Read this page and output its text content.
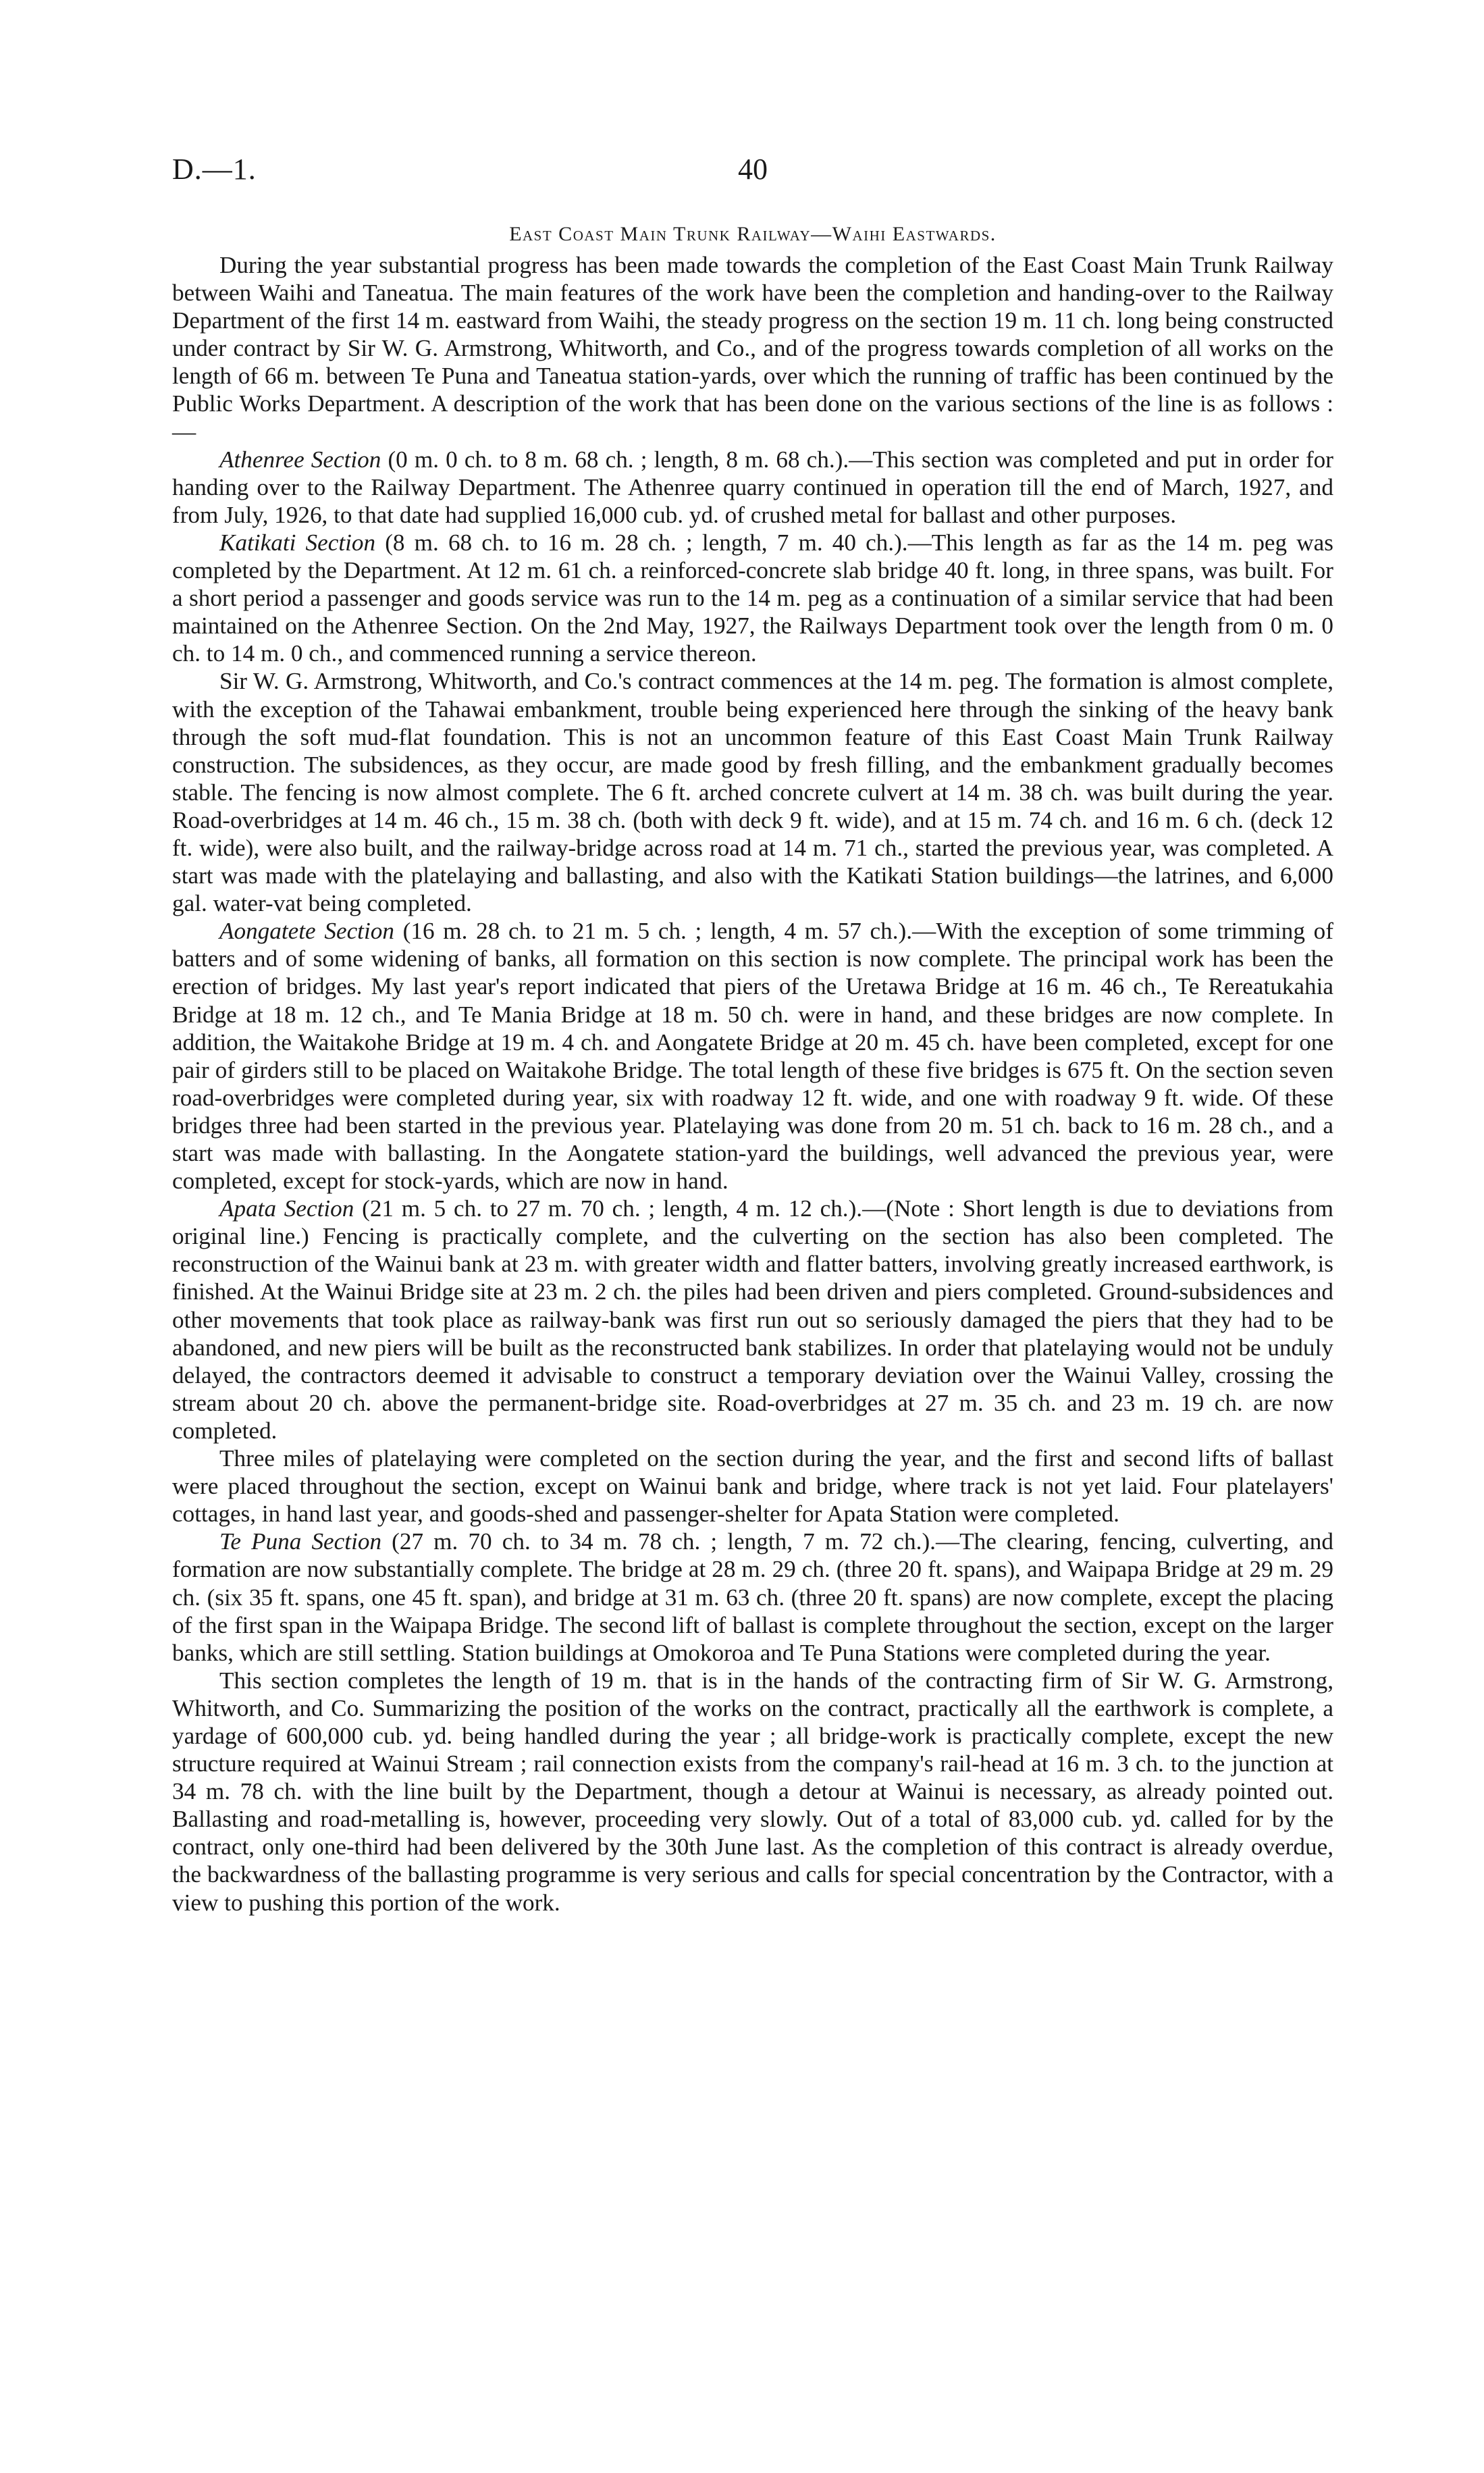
D.—1.	40
East Coast Main Trunk Railway—Waihi Eastwards.

During the year substantial progress has been made towards the completion of the East Coast Main Trunk Railway between Waihi and Taneatua. The main features of the work have been the completion and handing-over to the Railway Department of the first 14 m. eastward from Waihi, the steady progress on the section 19 m. 11 ch. long being constructed under contract by Sir W. G. Armstrong, Whitworth, and Co., and of the progress towards completion of all works on the length of 66 m. between Te Puna and Taneatua station-yards, over which the running of traffic has been continued by the Public Works Department. A description of the work that has been done on the various sections of the line is as follows :—

Athenree Section (0 m. 0 ch. to 8 m. 68 ch. ; length, 8 m. 68 ch.).—This section was completed and put in order for handing over to the Railway Department. The Athenree quarry continued in operation till the end of March, 1927, and from July, 1926, to that date had supplied 16,000 cub. yd. of crushed metal for ballast and other purposes.

Katikati Section (8 m. 68 ch. to 16 m. 28 ch. ; length, 7 m. 40 ch.).—This length as far as the 14 m. peg was completed by the Department. At 12 m. 61 ch. a reinforced-concrete slab bridge 40 ft. long, in three spans, was built. For a short period a passenger and goods service was run to the 14 m. peg as a continuation of a similar service that had been maintained on the Athenree Section. On the 2nd May, 1927, the Railways Department took over the length from 0 m. 0 ch. to 14 m. 0 ch., and commenced running a service thereon.

Sir W. G. Armstrong, Whitworth, and Co.'s contract commences at the 14 m. peg. The formation is almost complete, with the exception of the Tahawai embankment, trouble being experienced here through the sinking of the heavy bank through the soft mud-flat foundation. This is not an uncommon feature of this East Coast Main Trunk Railway construction. The subsidences, as they occur, are made good by fresh filling, and the embankment gradually becomes stable. The fencing is now almost complete. The 6 ft. arched concrete culvert at 14 m. 38 ch. was built during the year. Road-overbridges at 14 m. 46 ch., 15 m. 38 ch. (both with deck 9 ft. wide), and at 15 m. 74 ch. and 16 m. 6 ch. (deck 12 ft. wide), were also built, and the railway-bridge across road at 14 m. 71 ch., started the previous year, was completed. A start was made with the platelaying and ballasting, and also with the Katikati Station buildings—the latrines, and 6,000 gal. water-vat being completed.

Aongatete Section (16 m. 28 ch. to 21 m. 5 ch. ; length, 4 m. 57 ch.).—With the exception of some trimming of batters and of some widening of banks, all formation on this section is now complete. The principal work has been the erection of bridges. My last year's report indicated that piers of the Uretawa Bridge at 16 m. 46 ch., Te Rereatukahia Bridge at 18 m. 12 ch., and Te Mania Bridge at 18 m. 50 ch. were in hand, and these bridges are now complete. In addition, the Waitakohe Bridge at 19 m. 4 ch. and Aongatete Bridge at 20 m. 45 ch. have been completed, except for one pair of girders still to be placed on Waitakohe Bridge. The total length of these five bridges is 675 ft. On the section seven road-overbridges were completed during year, six with roadway 12 ft. wide, and one with roadway 9 ft. wide. Of these bridges three had been started in the previous year. Platelaying was done from 20 m. 51 ch. back to 16 m. 28 ch., and a start was made with ballasting. In the Aongatete station-yard the buildings, well advanced the previous year, were completed, except for stock-yards, which are now in hand.

Apata Section (21 m. 5 ch. to 27 m. 70 ch. ; length, 4 m. 12 ch.).—(Note : Short length is due to deviations from original line.) Fencing is practically complete, and the culverting on the section has also been completed. The reconstruction of the Wainui bank at 23 m. with greater width and flatter batters, involving greatly increased earthwork, is finished. At the Wainui Bridge site at 23 m. 2 ch. the piles had been driven and piers completed. Ground-subsidences and other movements that took place as railway-bank was first run out so seriously damaged the piers that they had to be abandoned, and new piers will be built as the reconstructed bank stabilizes. In order that platelaying would not be unduly delayed, the contractors deemed it advisable to construct a temporary deviation over the Wainui Valley, crossing the stream about 20 ch. above the permanent-bridge site. Road-overbridges at 27 m. 35 ch. and 23 m. 19 ch. are now completed.

Three miles of platelaying were completed on the section during the year, and the first and second lifts of ballast were placed throughout the section, except on Wainui bank and bridge, where track is not yet laid. Four platelayers' cottages, in hand last year, and goods-shed and passenger-shelter for Apata Station were completed.

Te Puna Section (27 m. 70 ch. to 34 m. 78 ch. ; length, 7 m. 72 ch.).—The clearing, fencing, culverting, and formation are now substantially complete. The bridge at 28 m. 29 ch. (three 20 ft. spans), and Waipapa Bridge at 29 m. 29 ch. (six 35 ft. spans, one 45 ft. span), and bridge at 31 m. 63 ch. (three 20 ft. spans) are now complete, except the placing of the first span in the Waipapa Bridge. The second lift of ballast is complete throughout the section, except on the larger banks, which are still settling. Station buildings at Omokoroa and Te Puna Stations were completed during the year.

This section completes the length of 19 m. that is in the hands of the contracting firm of Sir W. G. Armstrong, Whitworth, and Co. Summarizing the position of the works on the contract, practically all the earthwork is complete, a yardage of 600,000 cub. yd. being handled during the year ; all bridge-work is practically complete, except the new structure required at Wainui Stream ; rail connection exists from the company's rail-head at 16 m. 3 ch. to the junction at 34 m. 78 ch. with the line built by the Department, though a detour at Wainui is necessary, as already pointed out. Ballasting and road-metalling is, however, proceeding very slowly. Out of a total of 83,000 cub. yd. called for by the contract, only one-third had been delivered by the 30th June last. As the completion of this contract is already overdue, the backwardness of the ballasting programme is very serious and calls for special concentration by the Contractor, with a view to pushing this portion of the work.
